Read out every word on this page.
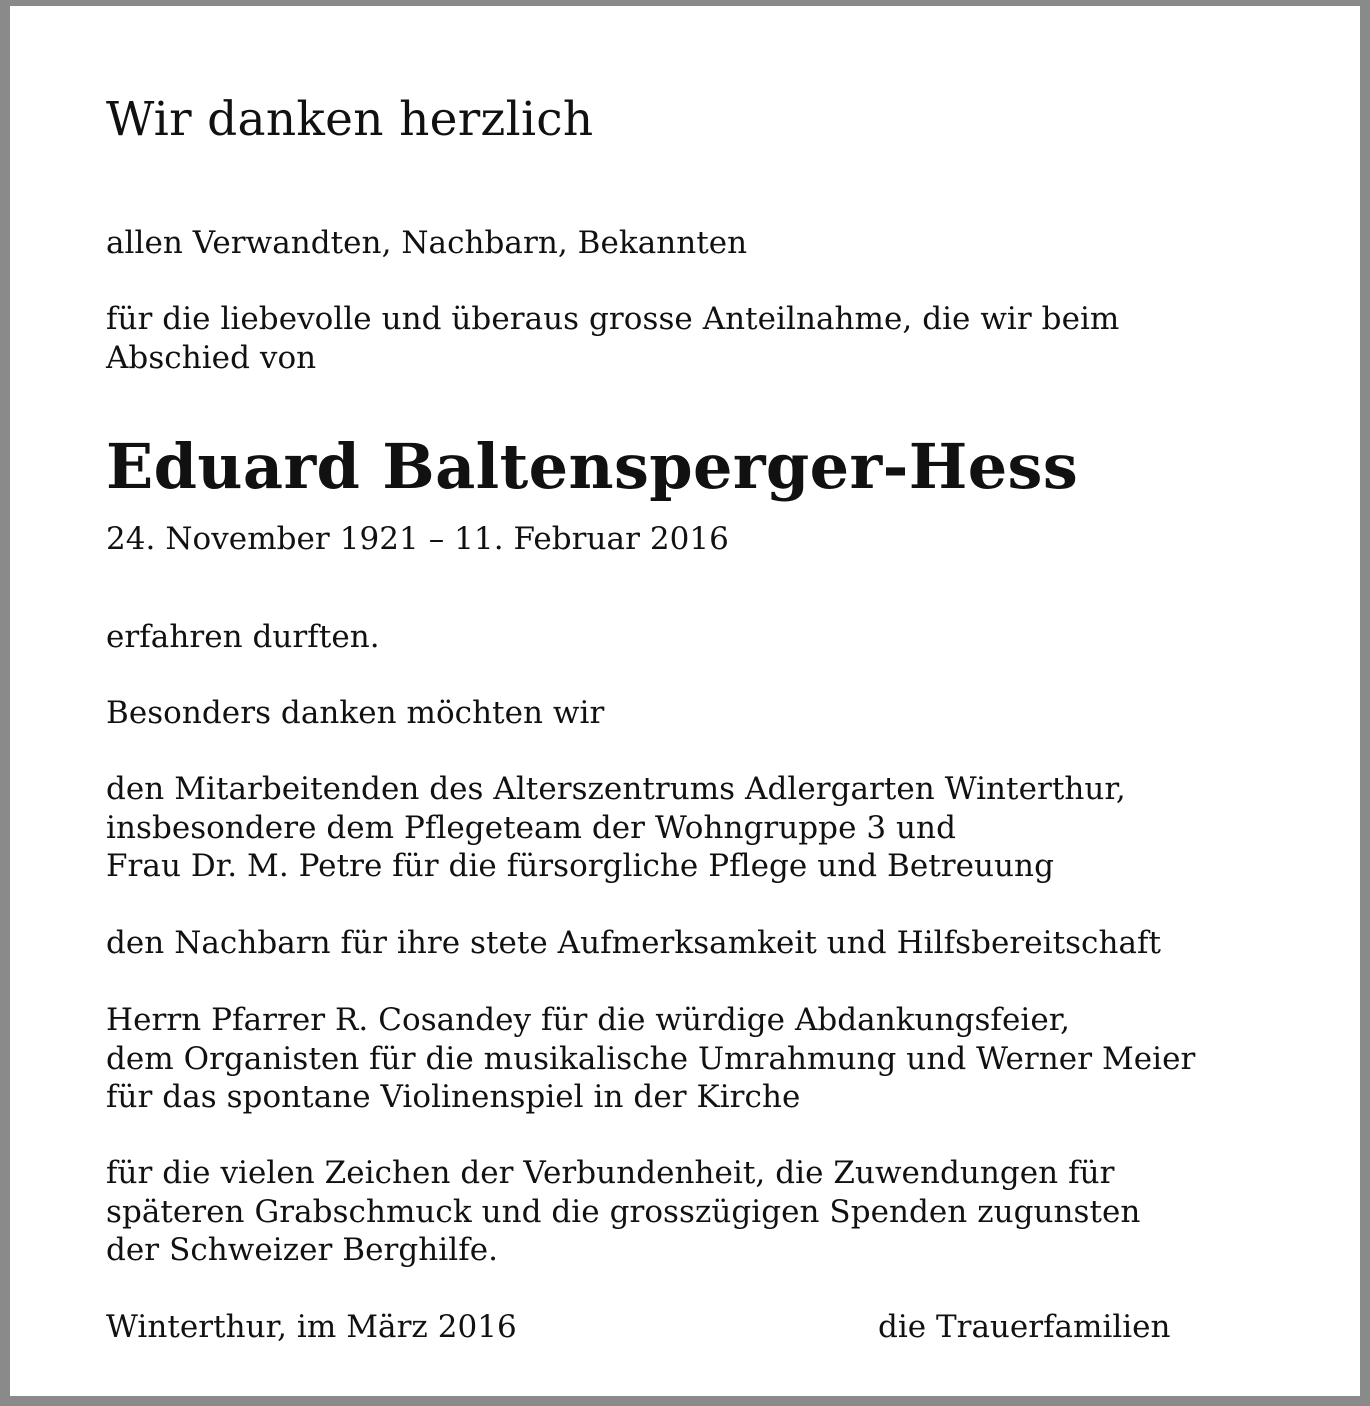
Wir danken herzlich

allen Verwandten, Nachbarn, Bekannten

für die liebevolle und überaus grosse Anteilnahme, die wir beim
Abschied von

Eduard Baltensperger-Hess

24. November 1921 – 11. Februar 2016

erfahren durften.

Besonders danken möchten wir

den Mitarbeitenden des Alterszentrums Adlergarten Winterthur,
insbesondere dem Pflegeteam der Wohngruppe 3 und
Frau Dr. M. Petre für die fürsorgliche Pflege und Betreuung

den Nachbarn für ihre stete Aufmerksamkeit und Hilfsbereitschaft

Herrn Pfarrer R. Cosandey für die würdige Abdankungsfeier,
dem Organisten für die musikalische Umrahmung und Werner Meier
für das spontane Violinenspiel in der Kirche

für die vielen Zeichen der Verbundenheit, die Zuwendungen für
späteren Grabschmuck und die grosszügigen Spenden zugunsten
der Schweizer Berghilfe.

Winterthur, im März 2016	die Trauerfamilien
